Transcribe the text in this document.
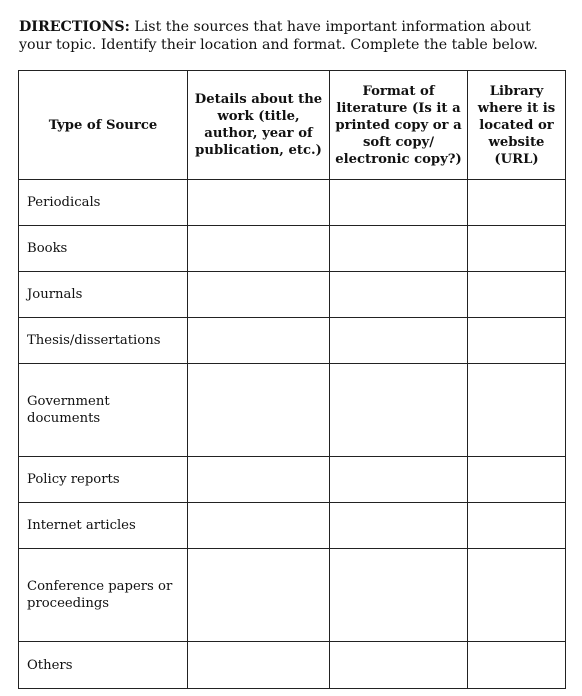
DIRECTIONS: List the sources that have important information about your topic. Identify their location and format. Complete the table below.

Type of Source	Details about the work (title, author, year of publication, etc.)	Format of literature (Is it a printed copy or a soft copy/ electronic copy?)	Library where it is located or website (URL)

Periodicals			
Books			
Journals			
Thesis/dissertations			
Government documents			
Policy reports			
Internet articles			
Conference papers or proceedings			
Others			
